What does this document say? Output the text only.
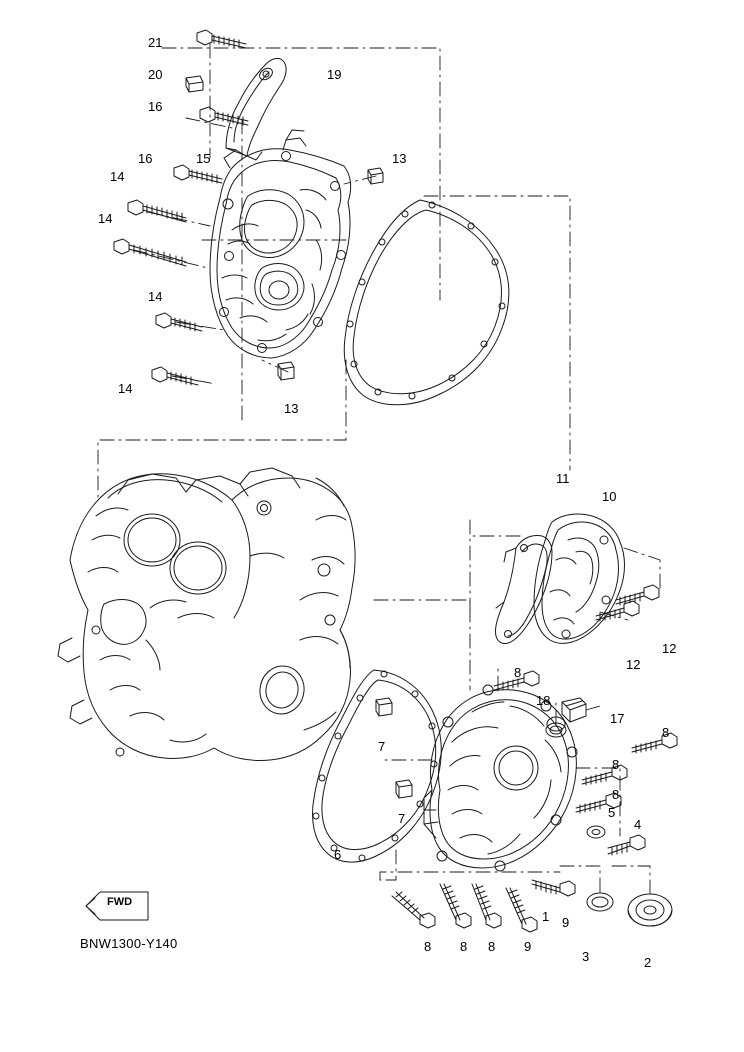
FWD
BNW1300-Y140
21
19
20
16
13
16	15
14
14
14
14
13
11
10
12
12
8
18
17
8
8
7
8
5
4
7
6
1 9
3	2
8 8 8 9
